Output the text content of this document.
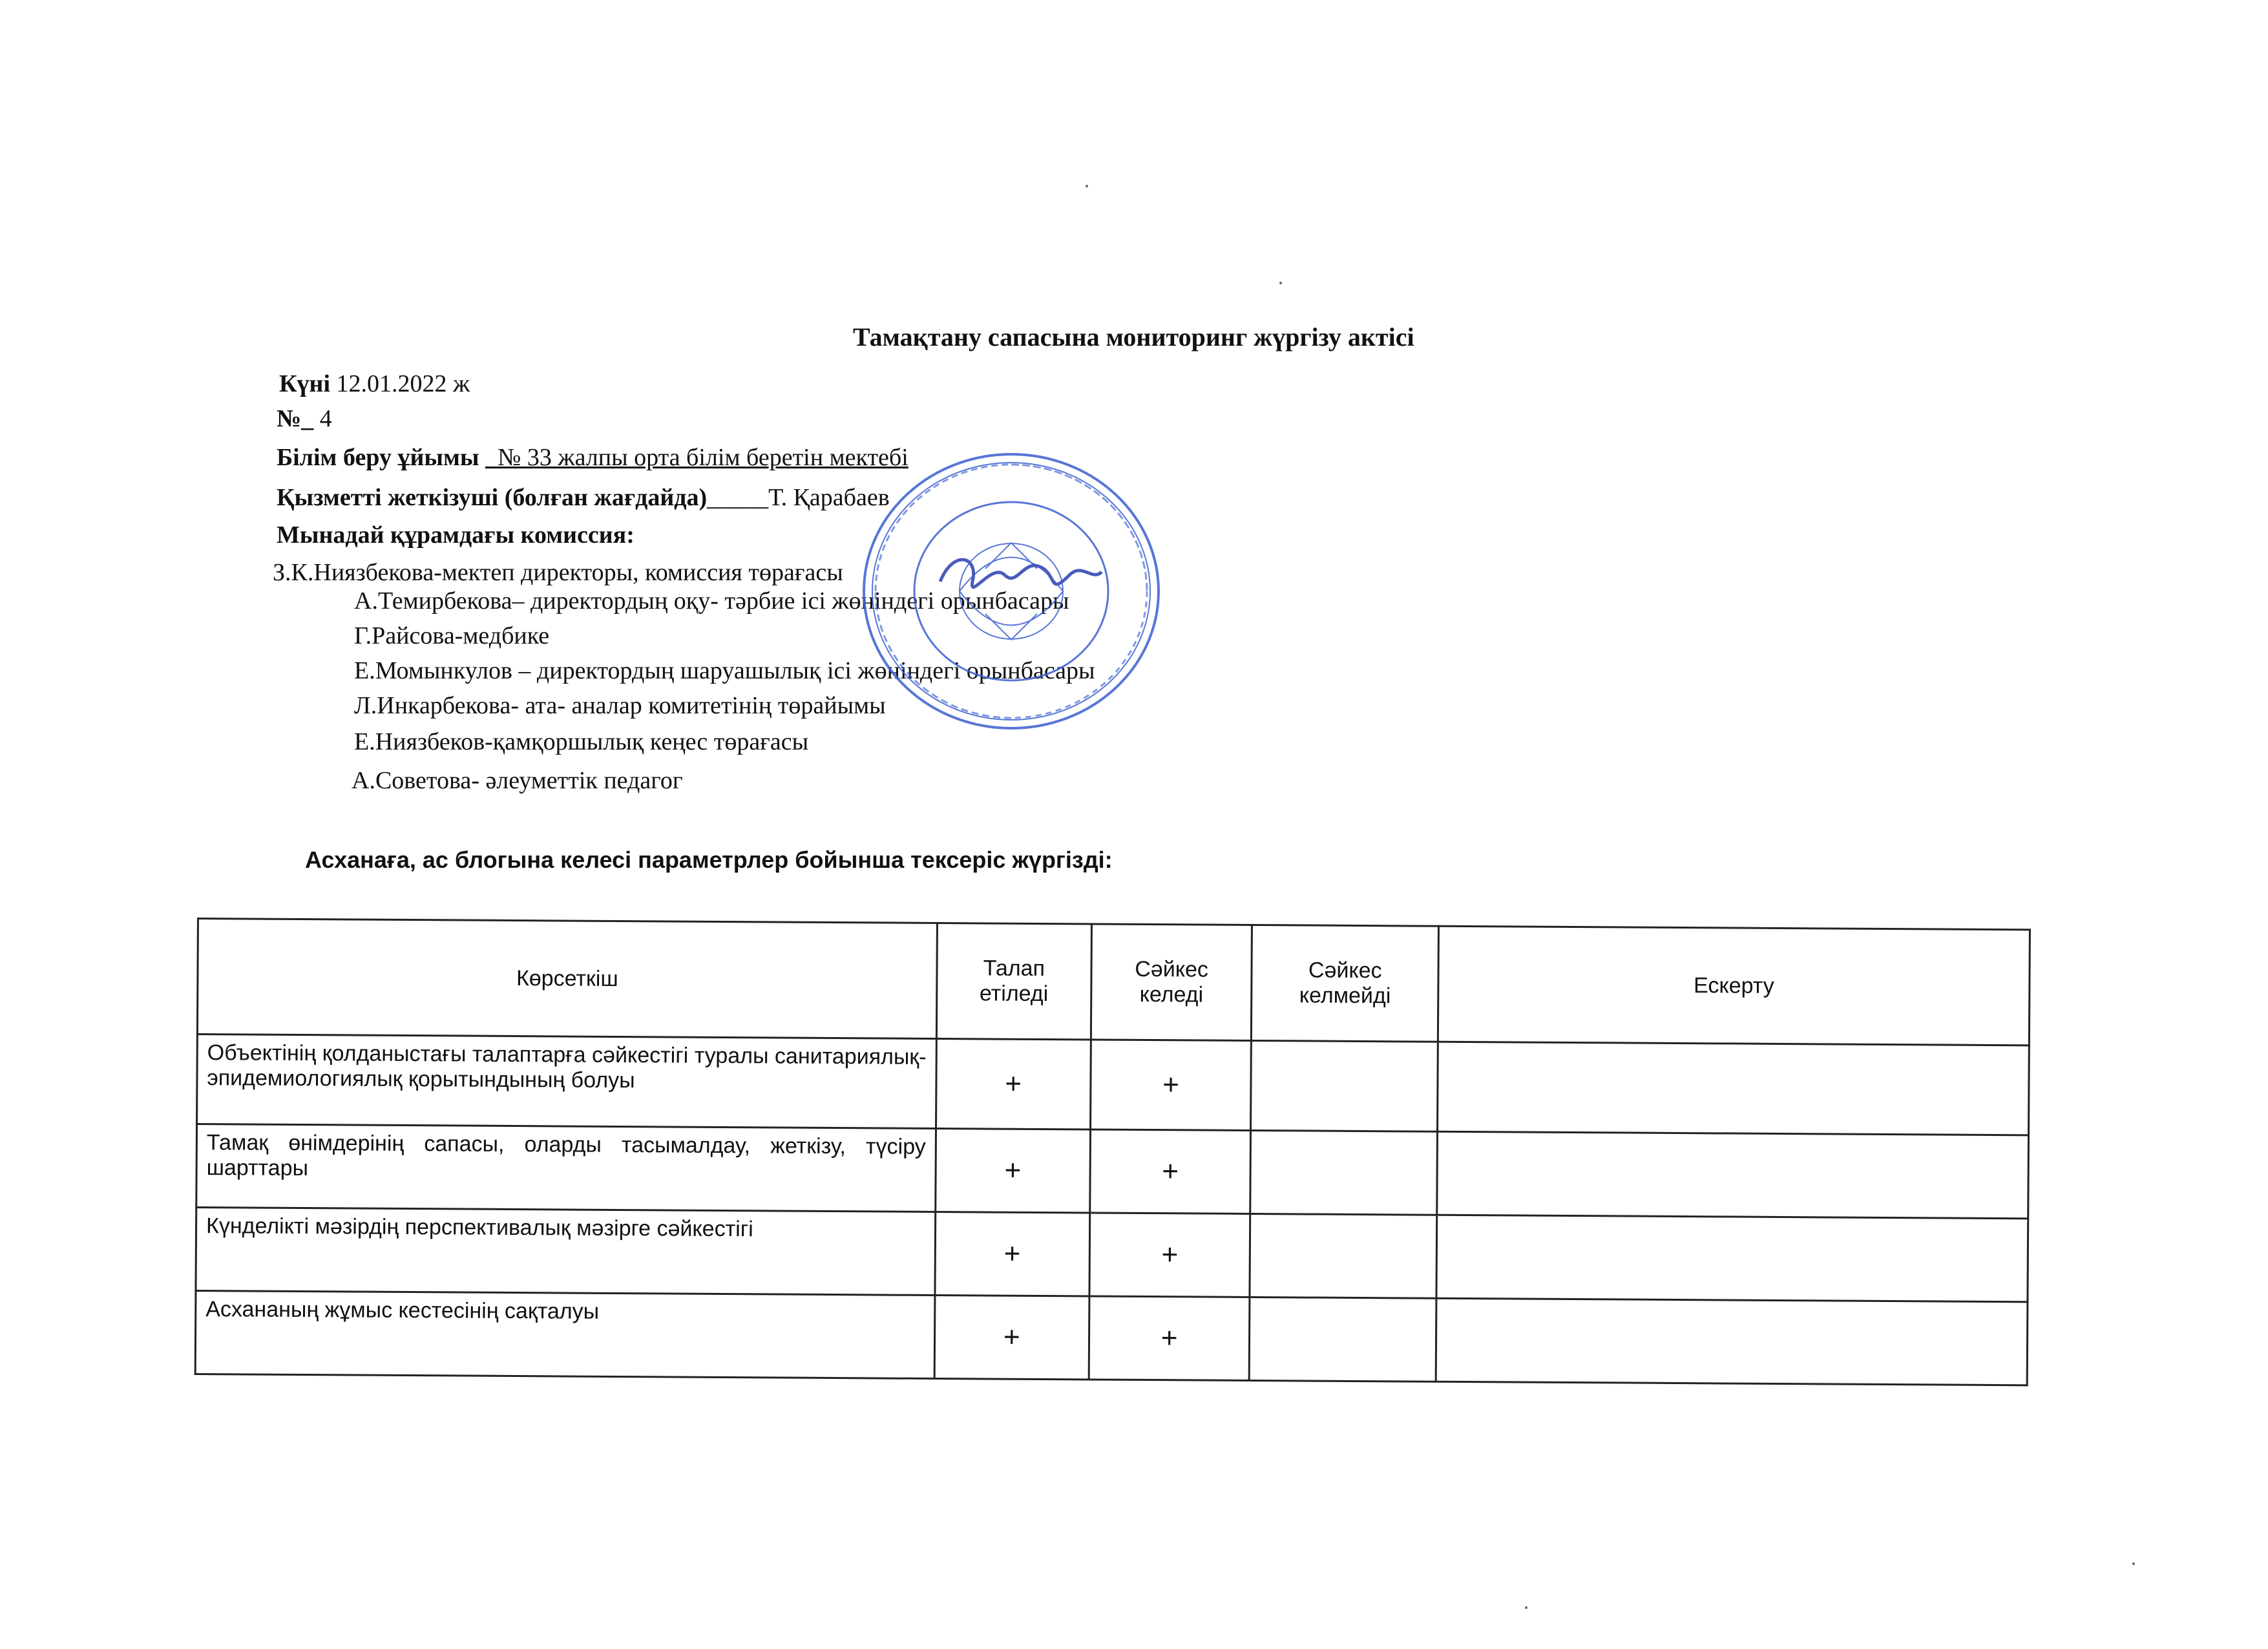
Тамақтану сапасына мониторинг жүргізу актісі
Күні 12.01.2022 ж
№_ 4
Білім беру ұйымы _№ 33 жалпы орта білім беретін мектебі
Қызметті жеткізуші (болған жағдайда)_____Т. Қарабаев
Мынадай құрамдағы комиссия:
З.К.Ниязбекова-мектеп директоры, комиссия төрағасы
А.Темирбекова– директордың оқу- тәрбие ісі жөніндегі орынбасары
Г.Райсова-медбике
Е.Момынкулов – директордың шаруашылық ісі жөніндегі орынбасары
Л.Инкарбекова- ата- аналар комитетінің төрайымы
Е.Ниязбеков-қамқоршылық кеңес төрағасы
А.Советова- әлеуметтік педагог
Асханаға, ас блогына келесі параметрлер бойынша тексеріс жүргізді:
Көрсеткіш	Талап етіледі	Сәйкес келеді	Сәйкес келмейді	Ескерту
Объектінің қолданыстағы талаптарға сәйкестігі туралы санитариялық-эпидемиологиялық қорытындының болуы	+	+		
Тамақ өнімдерінің сапасы, оларды тасымалдау, жеткізу, түсіру шарттары	+	+		
Күнделікті мәзірдің перспективалық мәзірге сәйкестігі	+	+		
Асхананың жұмыс кестесінің сақталуы	+	+		
